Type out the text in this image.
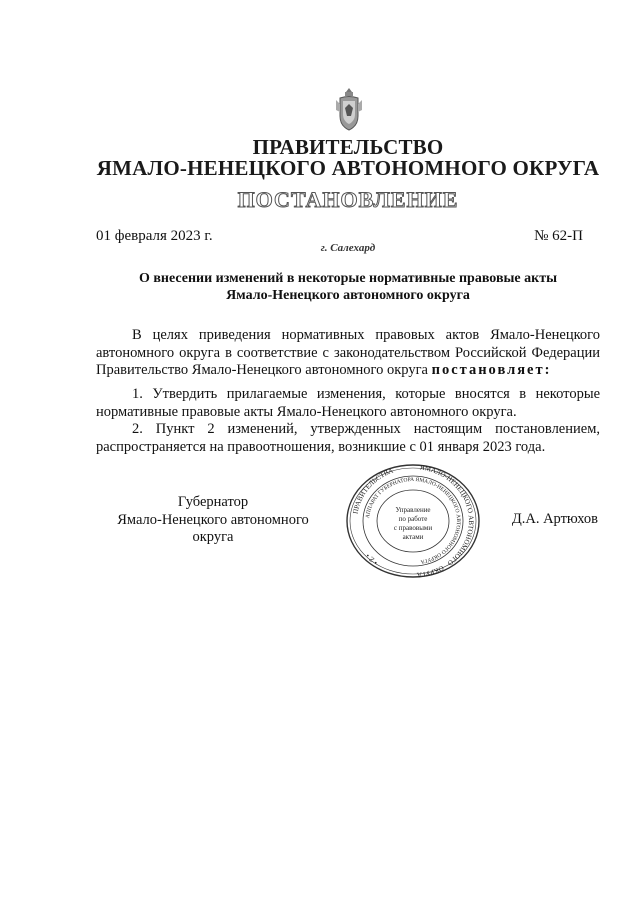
ПРАВИТЕЛЬСТВО
ЯМАЛО-НЕНЕЦКОГО АВТОНОМНОГО ОКРУГА
ПОСТАНОВЛЕНИЕ
01 февраля 2023 г.	№ 62-П
г. Салехард
О внесении изменений в некоторые нормативные правовые акты
Ямало-Ненецкого автономного округа

В целях приведения нормативных правовых актов Ямало-Ненецкого автономного округа в соответствие с законодательством Российской Федерации Правительство Ямало-Ненецкого автономного округа постановляет:

1. Утвердить прилагаемые изменения, которые вносятся в некоторые нормативные правовые акты Ямало-Ненецкого автономного округа.

2. Пункт 2 изменений, утвержденных настоящим постановлением, распространяется на правоотношения, возникшие с 01 января 2023 года.

Губернатор
Ямало-Ненецкого автономного округа
Д.А. Артюхов
ПРАВИТЕЛЬСТВА	ЯМАЛО-НЕНЕЦКОГО АВТОНОМНОГО
ОКРУГА
• Z •
АППАРАТ ГУБЕРНАТОРА ЯМАЛО-НЕНЕЦКОГО АВТОНОМНОГО ОКРУГА
Управление
по работе
с правовыми
актами
